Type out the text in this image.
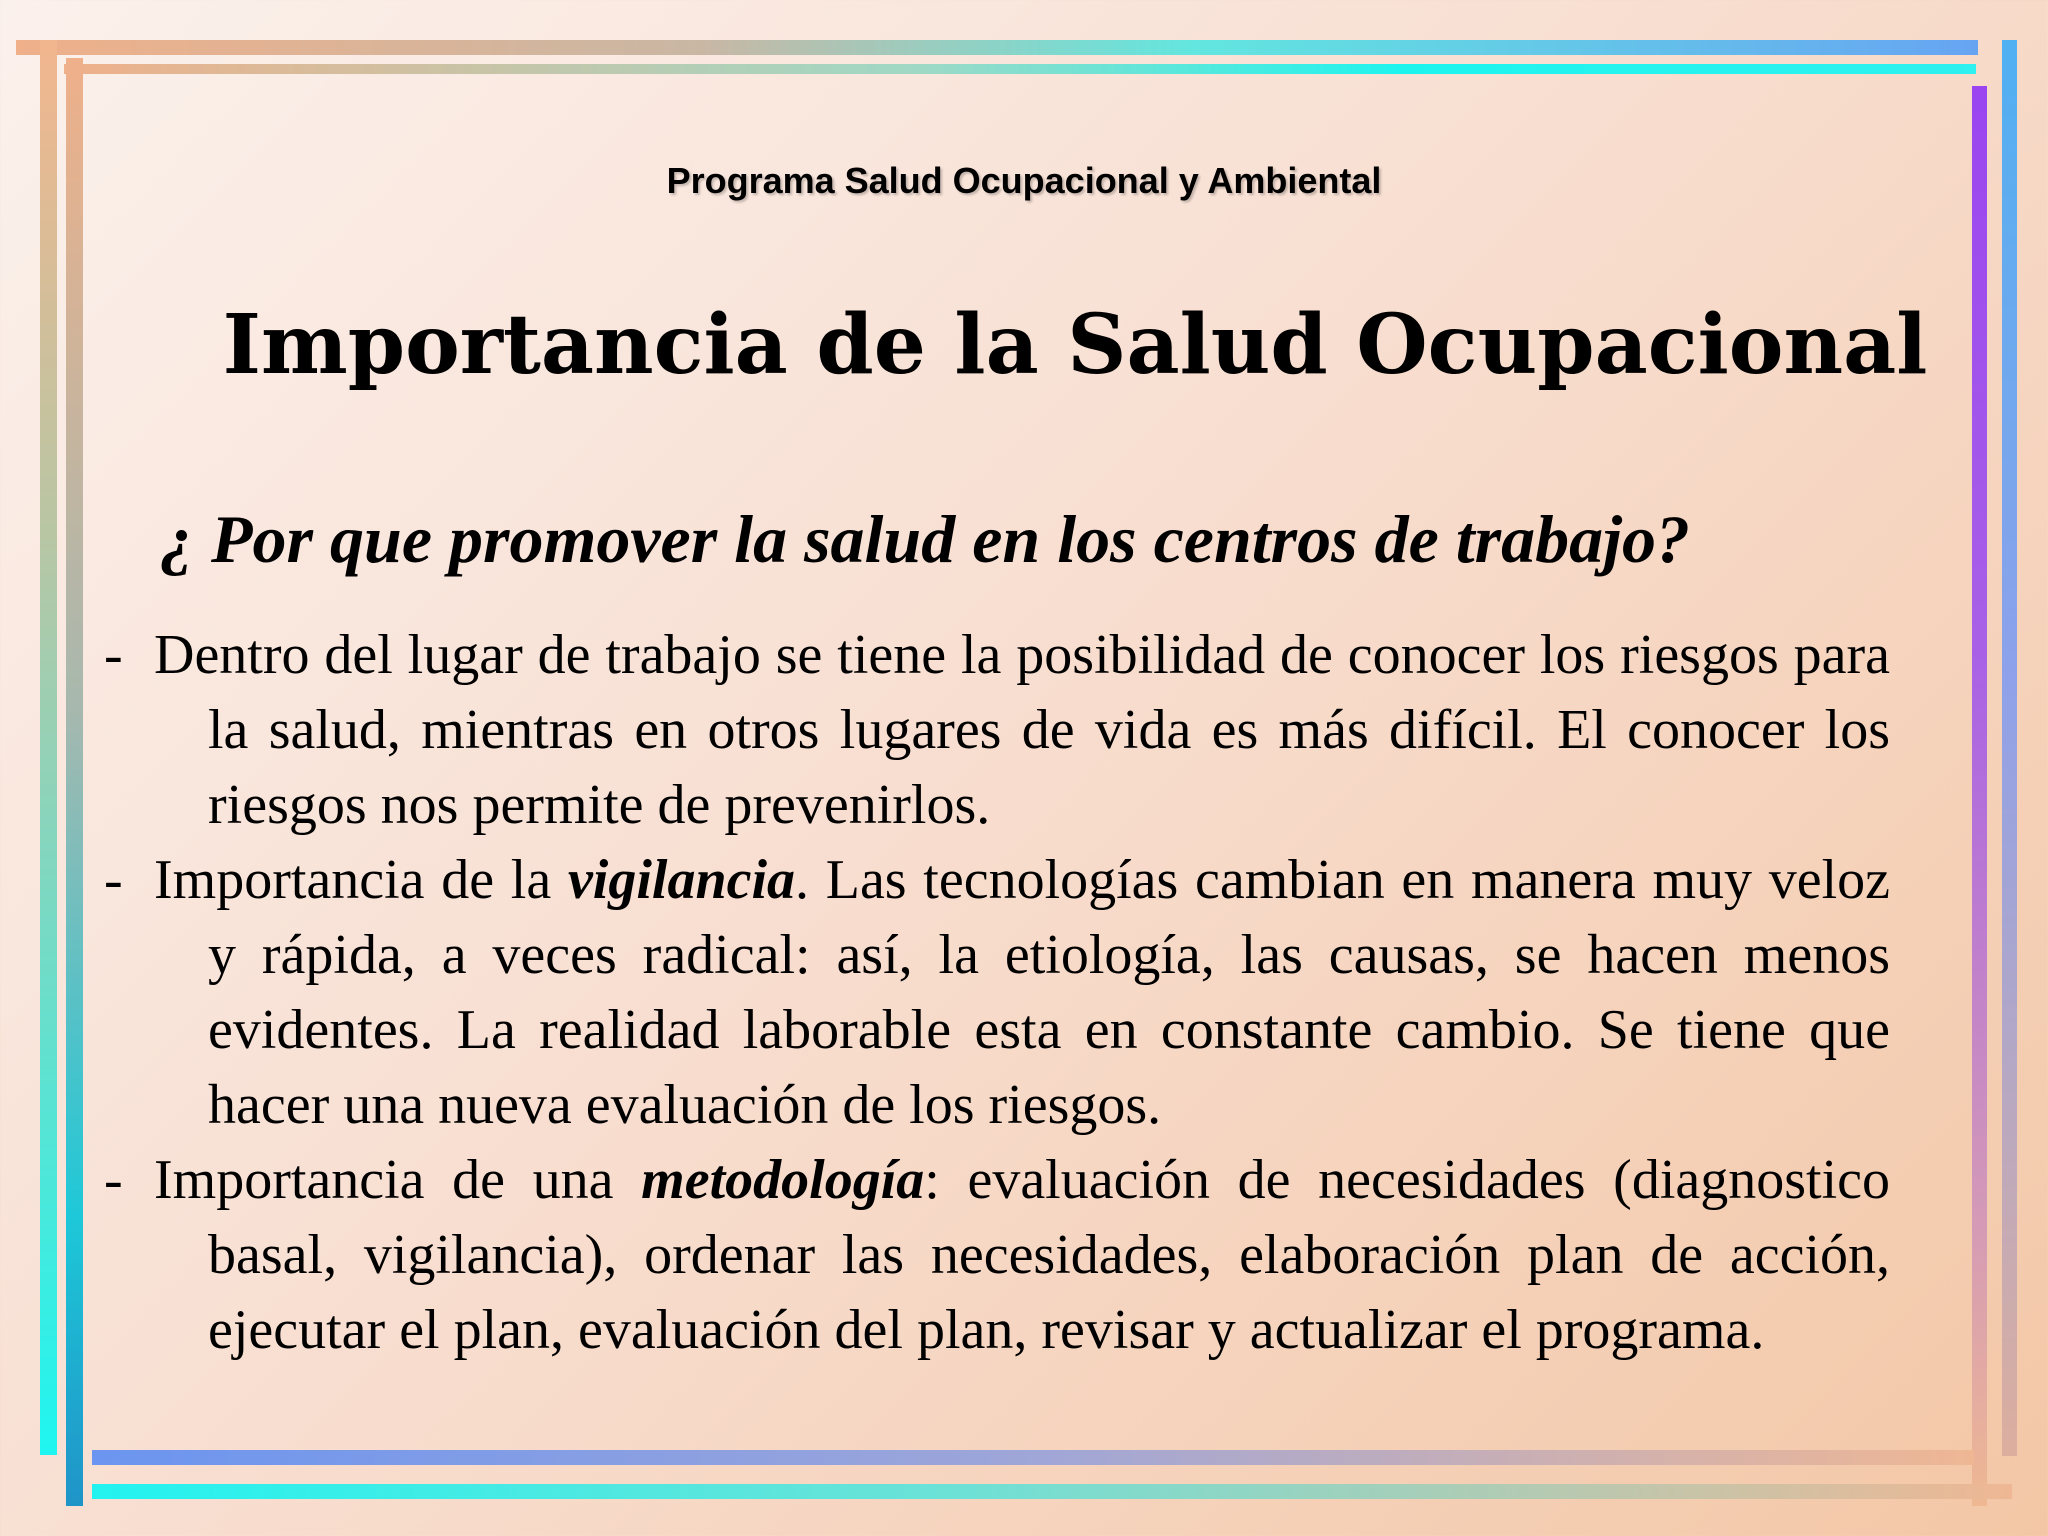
Programa Salud Ocupacional y Ambiental
Importancia de la Salud Ocupacional
¿ Por que promover la salud en los centros de trabajo?
- Dentro del lugar de trabajo se tiene la posibilidad de conocer los riesgos para la salud, mientras en otros lugares de vida es más difícil. El conocer los riesgos nos permite de prevenirlos.
- Importancia de la vigilancia. Las tecnologías cambian en manera muy veloz y rápida, a veces radical: así, la etiología, las causas, se hacen menos evidentes. La realidad laborable esta en constante cambio. Se tiene que hacer una nueva evaluación de los riesgos.
- Importancia de una metodología: evaluación de necesidades (diagnostico basal, vigilancia), ordenar las necesidades, elaboración plan de acción, ejecutar el plan, evaluación del plan, revisar y actualizar el programa.
